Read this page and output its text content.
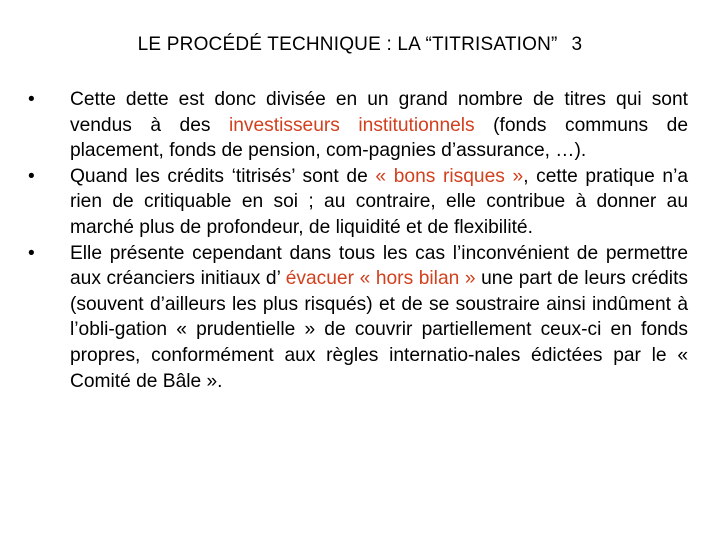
LE PROCÉDÉ TECHNIQUE : LA “TITRISATION” 3
•	Cette dette est donc divisée en un grand nombre de titres qui sont vendus à des investisseurs institutionnels (fonds communs de placement, fonds de pension, com-pagnies d’assurance, …).
•	Quand les crédits ‘titrisés’ sont de « bons risques », cette pratique n’a rien de critiquable en soi ; au contraire, elle contribue à donner au marché plus de profondeur, de liquidité et de flexibilité.
•	Elle présente cependant dans tous les cas l’inconvénient de permettre aux créanciers initiaux d’ évacuer « hors bilan » une part de leurs crédits (souvent d’ailleurs les plus risqués) et de se soustraire ainsi indûment à l’obli-gation « prudentielle » de couvrir partiellement ceux-ci en fonds propres, conformément aux règles internatio-nales édictées par le « Comité de Bâle ».
